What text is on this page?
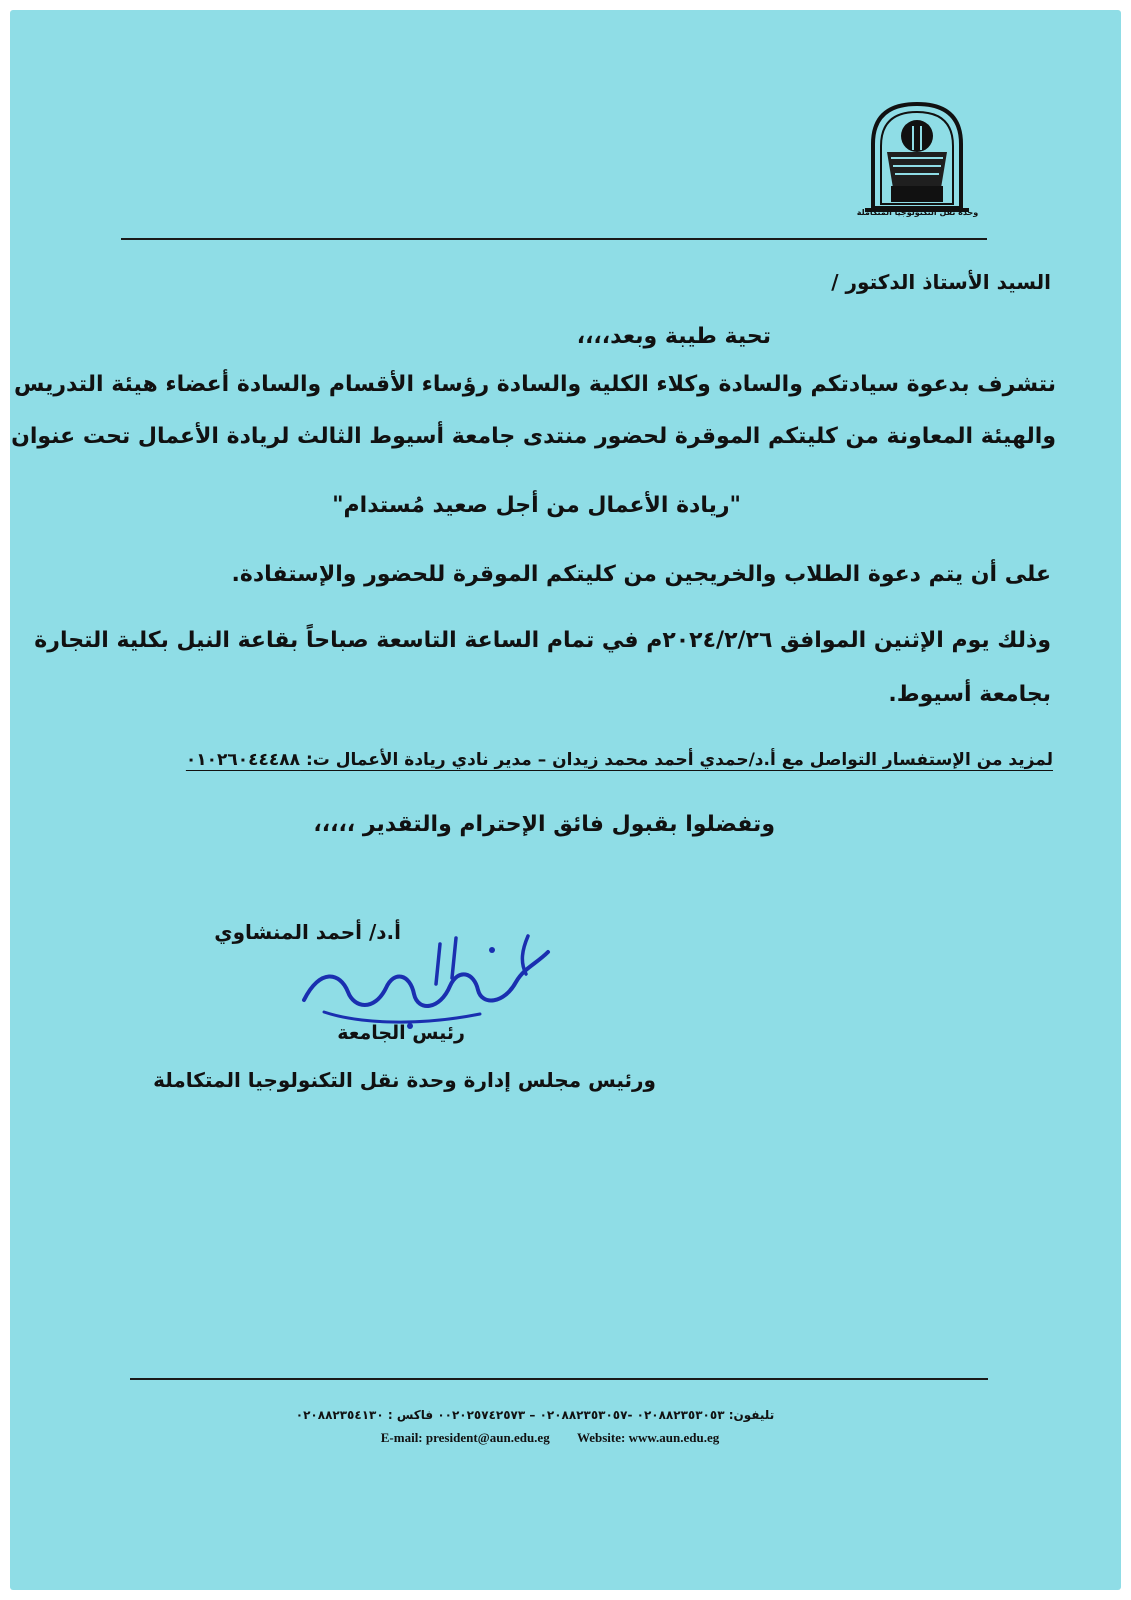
وحدة نقل التكنولوجيا المتكاملة
السيد الأستاذ الدكتور /
تحية طيبة وبعد،،،،
نتشرف بدعوة سيادتكم والسادة وكلاء الكلية والسادة رؤساء الأقسام والسادة أعضاء هيئة التدريس
والهيئة المعاونة من كليتكم الموقرة لحضور منتدى جامعة أسيوط الثالث لريادة الأعمال تحت عنوان
"ريادة الأعمال من أجل صعيد مُستدام"
على أن يتم دعوة الطلاب والخريجين من كليتكم الموقرة للحضور والإستفادة.
وذلك يوم الإثنين الموافق ٢٠٢٤/٢/٢٦م في تمام الساعة التاسعة صباحاً بقاعة النيل بكلية التجارة
بجامعة أسيوط.
لمزيد من الإستفسار التواصل مع أ.د/حمدي أحمد محمد زيدان – مدير نادي ريادة الأعمال ت: ٠١٠٢٦٠٤٤٤٨٨
وتفضلوا بقبول فائق الإحترام والتقدير ،،،،،
أ.د/ أحمد المنشاوي
رئيس الجامعة
ورئيس مجلس إدارة وحدة نقل التكنولوجيا المتكاملة
تليفون: ٠٢٠٨٨٢٣٥٣٠٥٣ -٠٢٠٨٨٢٣٥٣٠٥٧ – ٠٠٢٠٢٥٧٤٢٥٧٣ فاكس : ٠٢٠٨٨٢٣٥٤١٣٠
E-mail: president@aun.edu.eg Website: www.aun.edu.eg
